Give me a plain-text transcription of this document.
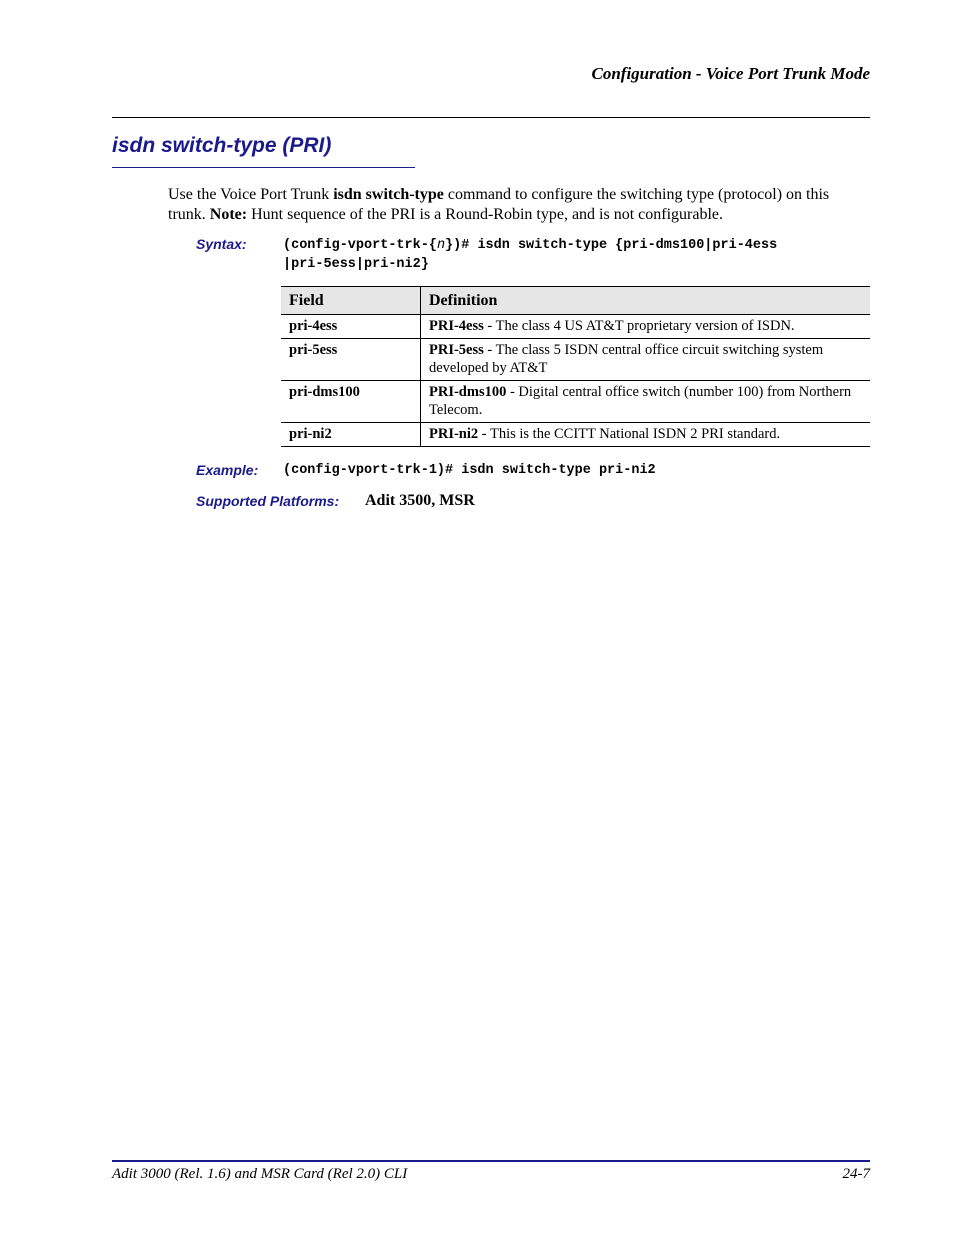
Configuration - Voice Port Trunk Mode
isdn switch-type (PRI)

Use the Voice Port Trunk isdn switch-type command to configure the switching type (protocol) on this trunk. Note: Hunt sequence of the PRI is a Round-Robin type, and is not configurable.

Syntax:	(config-vport-trk-{n})# isdn switch-type {pri-dms100|pri-4ess
|pri-5ess|pri-ni2}
Field	Definition
pri-4ess	PRI-4ess - The class 4 US AT&T proprietary version of ISDN.
pri-5ess	PRI-5ess - The class 5 ISDN central office circuit switching system developed by AT&T
pri-dms100	PRI-dms100 - Digital central office switch (number 100) from Northern Telecom.
pri-ni2	PRI-ni2 - This is the CCITT National ISDN 2 PRI standard.
Example: (config-vport-trk-1)# isdn switch-type pri-ni2
Supported Platforms: Adit 3500, MSR
Adit 3000 (Rel. 1.6) and MSR Card (Rel 2.0) CLI	24-7
